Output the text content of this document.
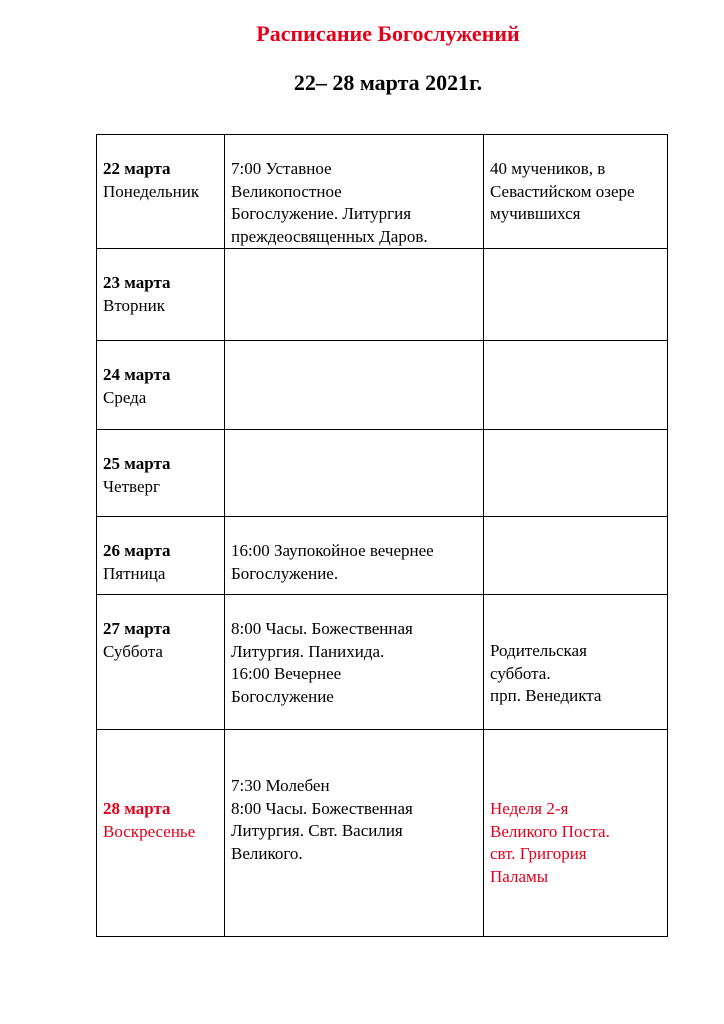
Расписание Богослужений
22– 28 марта 2021г.
22 марта
Понедельник	7:00 Уставное
Великопостное
Богослужение. Литургия
преждеосвященных Даров.	40 мучеников, в
Севастийском озере
мучившихся

23 марта
Вторник		

24 марта
Среда		

25 марта
Четверг		

26 марта
Пятница	16:00 Заупокойное вечернее
Богослужение.	

27 марта
Суббота	8:00 Часы. Божественная
Литургия. Панихида.
16:00 Вечернее
Богослужение	Родительская
суббота.
прп. Венедикта

28 марта
Воскресенье	7:30 Молебен
8:00 Часы. Божественная
Литургия. Свт. Василия
Великого.	Неделя 2-я
Великого Поста.
свт. Григория
Паламы
